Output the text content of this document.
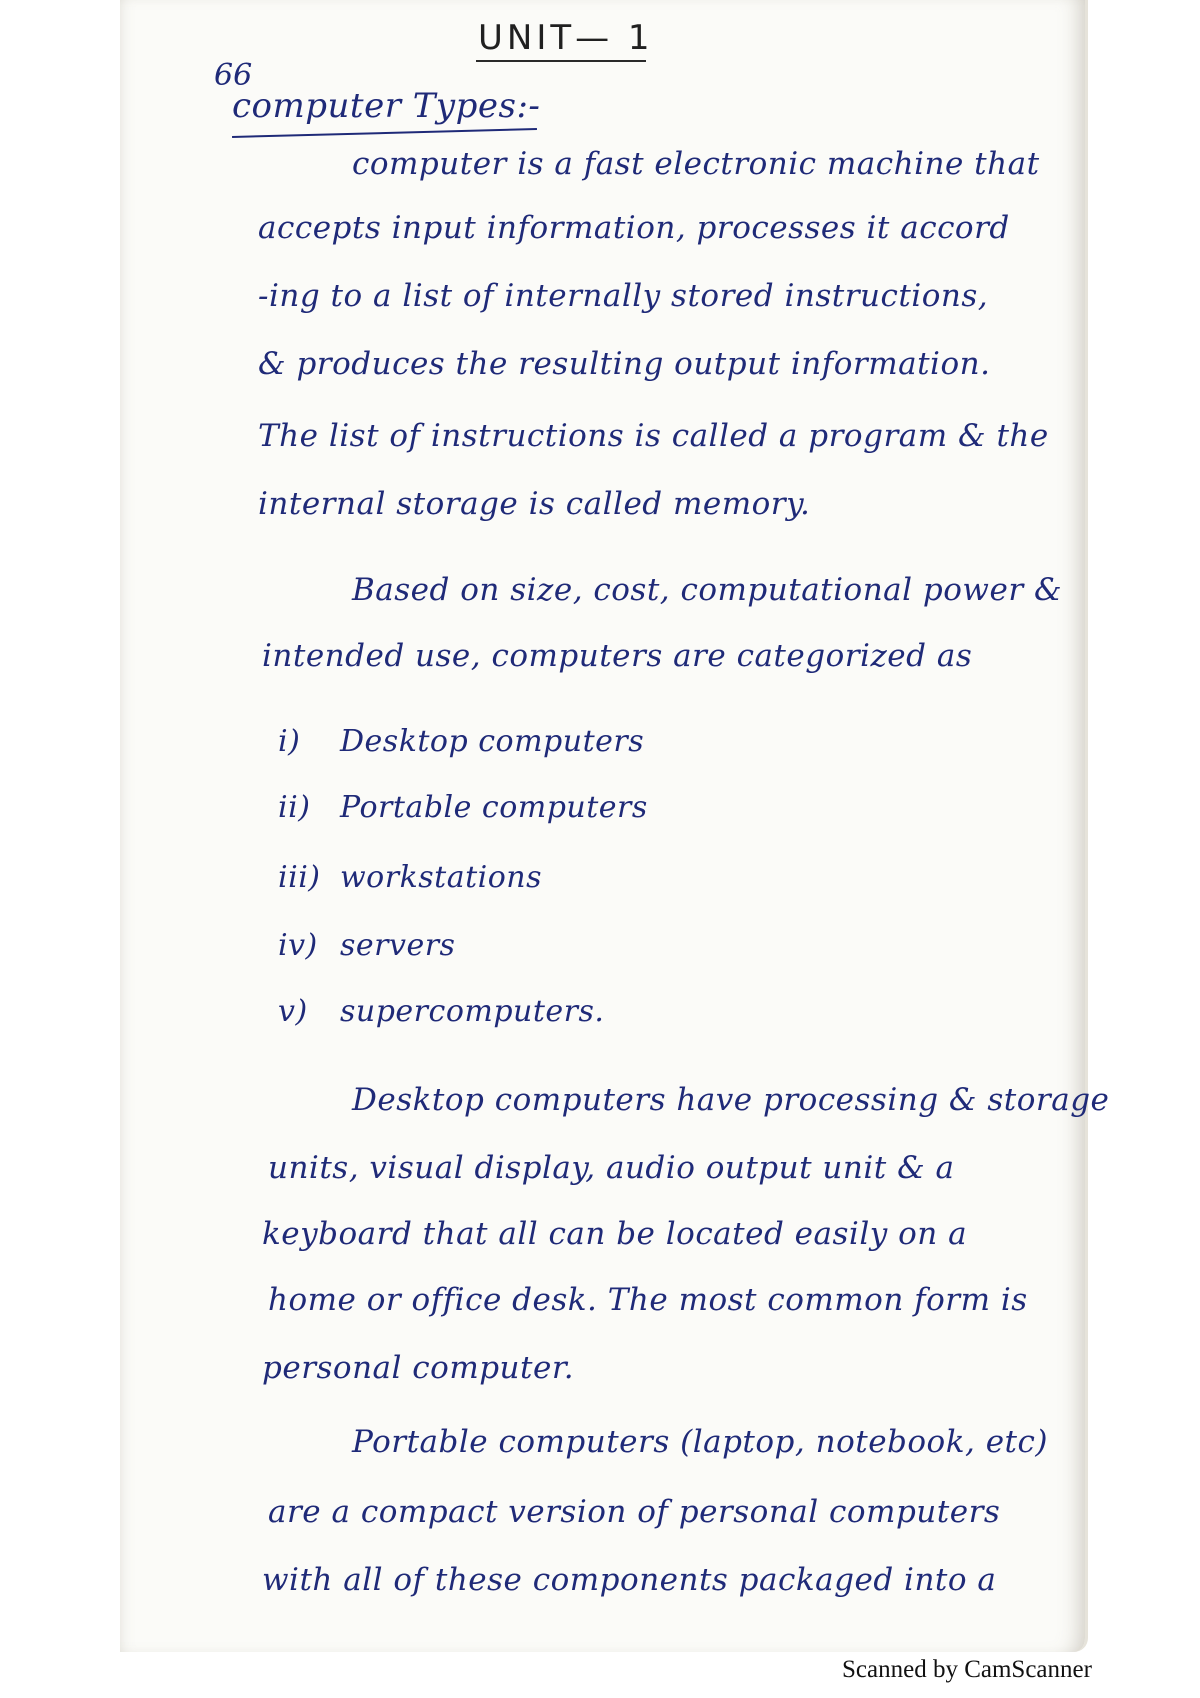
UNIT— 1
66
computer Types:-
computer is a fast electronic machine that
accepts input information, processes it accord
-ing to a list of internally stored instructions,
& produces the resulting output information.
The list of instructions is called a program & the
internal storage is called memory.
Based on size, cost, computational power &
intended use, computers are categorized as
i) Desktop computers
ii) Portable computers
iii) workstations
iv) servers
v) supercomputers.
Desktop computers have processing & storage
units, visual display, audio output unit & a
keyboard that all can be located easily on a
home or office desk. The most common form is
personal computer.
Portable computers (laptop, notebook, etc)
are a compact version of personal computers
with all of these components packaged into a
Scanned by CamScanner
